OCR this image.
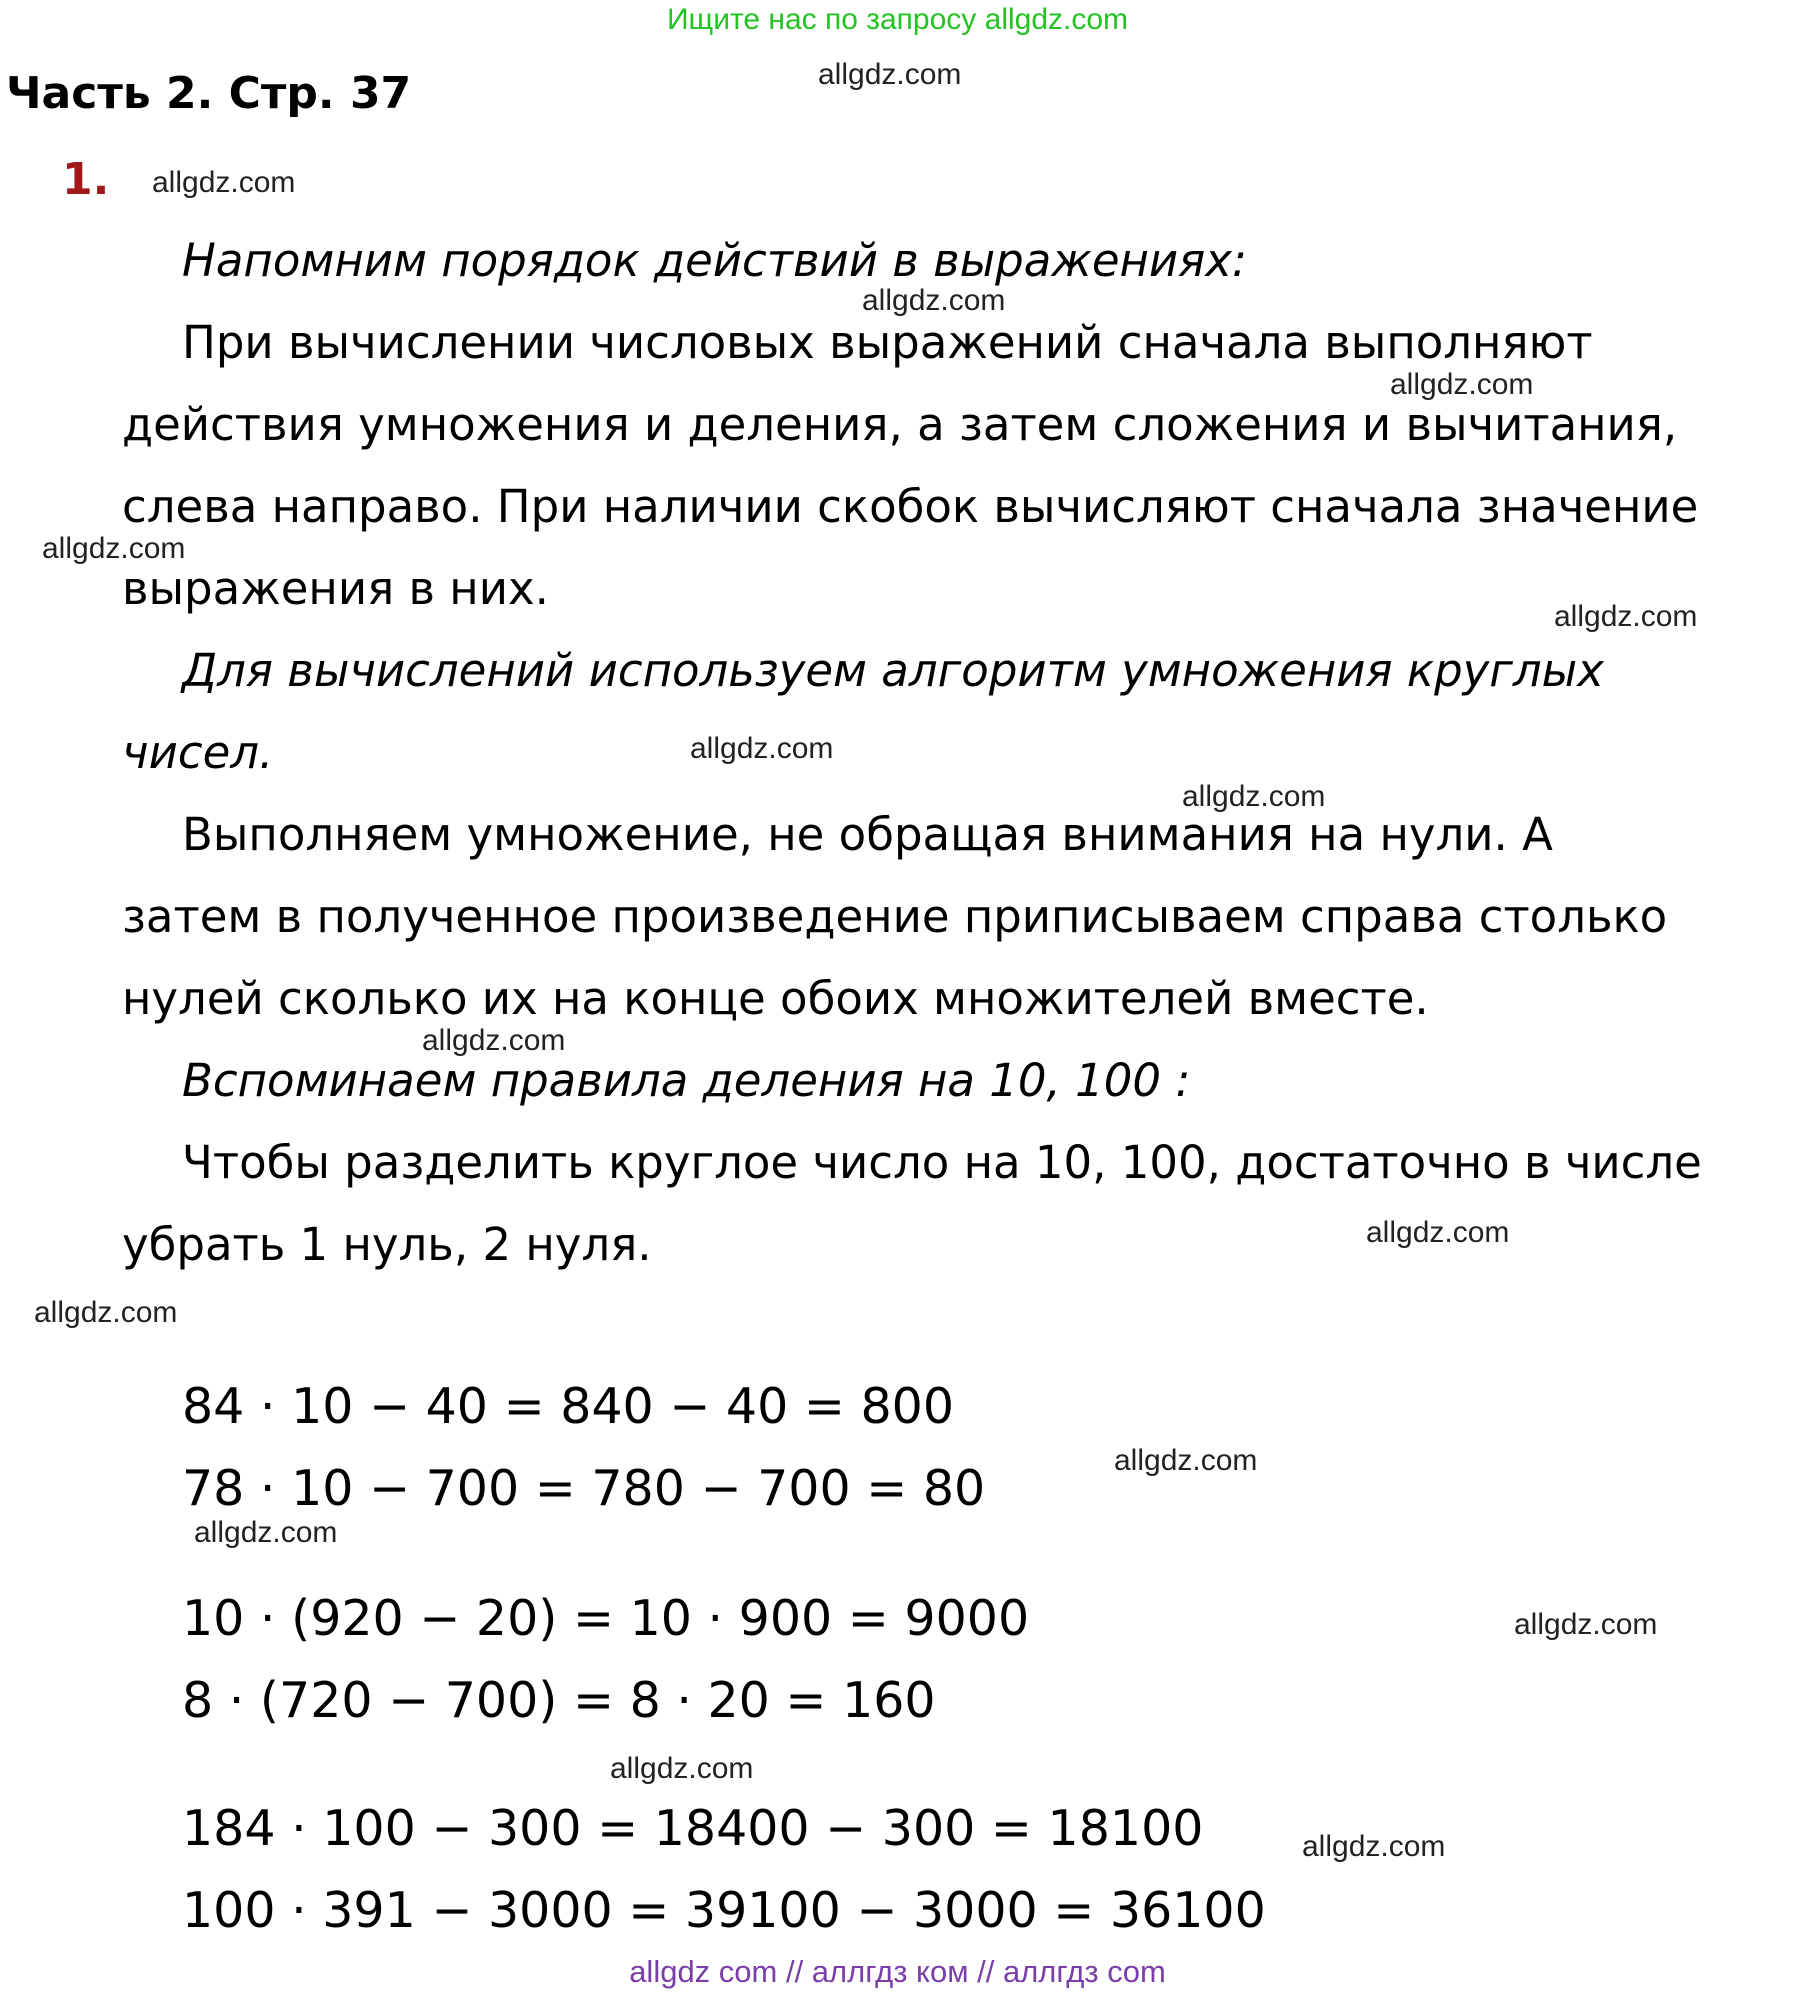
Ищите нас по запросу allgdz.com
Часть 2. Стр. 37
1.
Напомним порядок действий в выражениях:
При вычислении числовых выражений сначала выполняют
действия умножения и деления, а затем сложения и вычитания,
слева направо. При наличии скобок вычисляют сначала значение
выражения в них.
Для вычислений используем алгоритм умножения круглых
чисел.
Выполняем умножение, не обращая внимания на нули. А
затем в полученное произведение приписываем справа столько
нулей сколько их на конце обоих множителей вместе.
Вспоминаем правила деления на 10, 100 :
Чтобы разделить круглое число на 10, 100, достаточно в числе
убрать 1 нуль, 2 нуля.
84 · 10 − 40 = 840 − 40 = 800
78 · 10 − 700 = 780 − 700 = 80
10 · (920 − 20) = 10 · 900 = 9000
8 · (720 − 700) = 8 · 20 = 160
184 · 100 − 300 = 18400 − 300 = 18100
100 · 391 − 3000 = 39100 − 3000 = 36100
allgdz.com
allgdz.com
allgdz.com
allgdz.com
allgdz.com
allgdz.com
allgdz.com
allgdz.com
allgdz.com
allgdz.com
allgdz.com
allgdz.com
allgdz.com
allgdz.com
allgdz.com
allgdz.com
allgdz com // аллгдз ком // аллгдз com
